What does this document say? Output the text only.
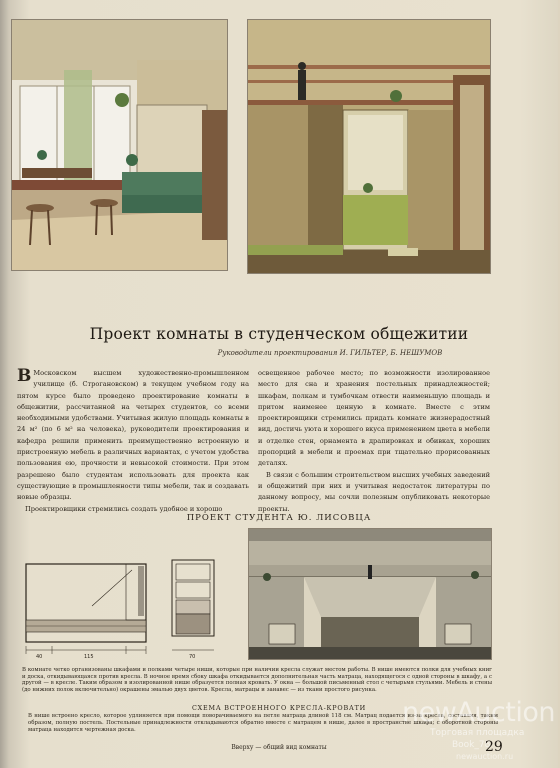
Проект комнаты в студенческом общежитии
Руководители проектирования И. ГИЛЬТЕР, Б. НЕШУМОВ

В Московском высшем художественно-промышленном училище (б. Строгановском) в текущем учебном году на пятом курсе было проведено проектирование комнаты в общежитии, рассчитанной на четырех студентов, со всеми необходимыми удобствами. Учитывая жилую площадь комнаты в 24 м² (по 6 м² на человека), руководители проектирования и кафедра решили применить преимущественно встроенную и пристроенную мебель в различных вариантах, с учетом удобства пользования ею, прочности и невысокой стоимости. При этом разрешено было студентам использовать для проекта как существующие в промышленности типы мебели, так и создавать новые образцы.

Проектировщики стремились создать удобное и хорошо

освещенное рабочее место; по возможности изолированное место для сна и хранения постельных принадлежностей; шкафам, полкам и тумбочкам отвести наименьшую площадь и притом наименее ценную в комнате. Вместе с этим проектировщики стремились придать комнате жизнерадостный вид, достичь уюта и хорошего вкуса применением цвета в мебели и отделке стен, орнамента в драпировках и обивках, хороших пропорций в мебели и проемах при тщательно прорисованных деталях.

В связи с большим строительством высших учебных заведений и общежитий при них и учитывая недостаток литературы по данному вопросу, мы сочли полезным опубликовать некоторые проекты.

ПРОЕКТ СТУДЕНТА Ю. ЛИСОВЦА
40	115	70
В комнате четко организованы шкафами и полками четыре ниши, которые при наличии кресла служат местом работы. В нише имеются полки для учебных книг и доска, откидывающаяся против кресла. В ночное время сбоку шкафа откидывается дополнительная часть матраца, находящегося с одной стороны в шкафу, а с другой — в кресле. Таким образом в изолированной нише образуется полная кровать. У окна — большой письменный стол с четырьмя стульями. Мебель и стены (до нижних полок включительно) окрашены эмалью двух цветов. Кресла, матрацы и занавес — из ткани простого рисунка.
СХЕМА ВСТРОЕННОГО КРЕСЛА-КРОВАТИ
В нише встроено кресло, которое удлиняется при помощи поворачиваемого на петле матраца длиной 118 см. Матрац подается из-за кресла, составляя, таким образом, полную постель. Постельные принадлежности откладываются обратно вместе с матрацем в нише, далее в пространстве шкафа; с оборотной стороны матраца находится чертежная доска.
Вверху — общий вид комнаты
newAuction
Торговая площадка
Book_78
newauction.ru
29
